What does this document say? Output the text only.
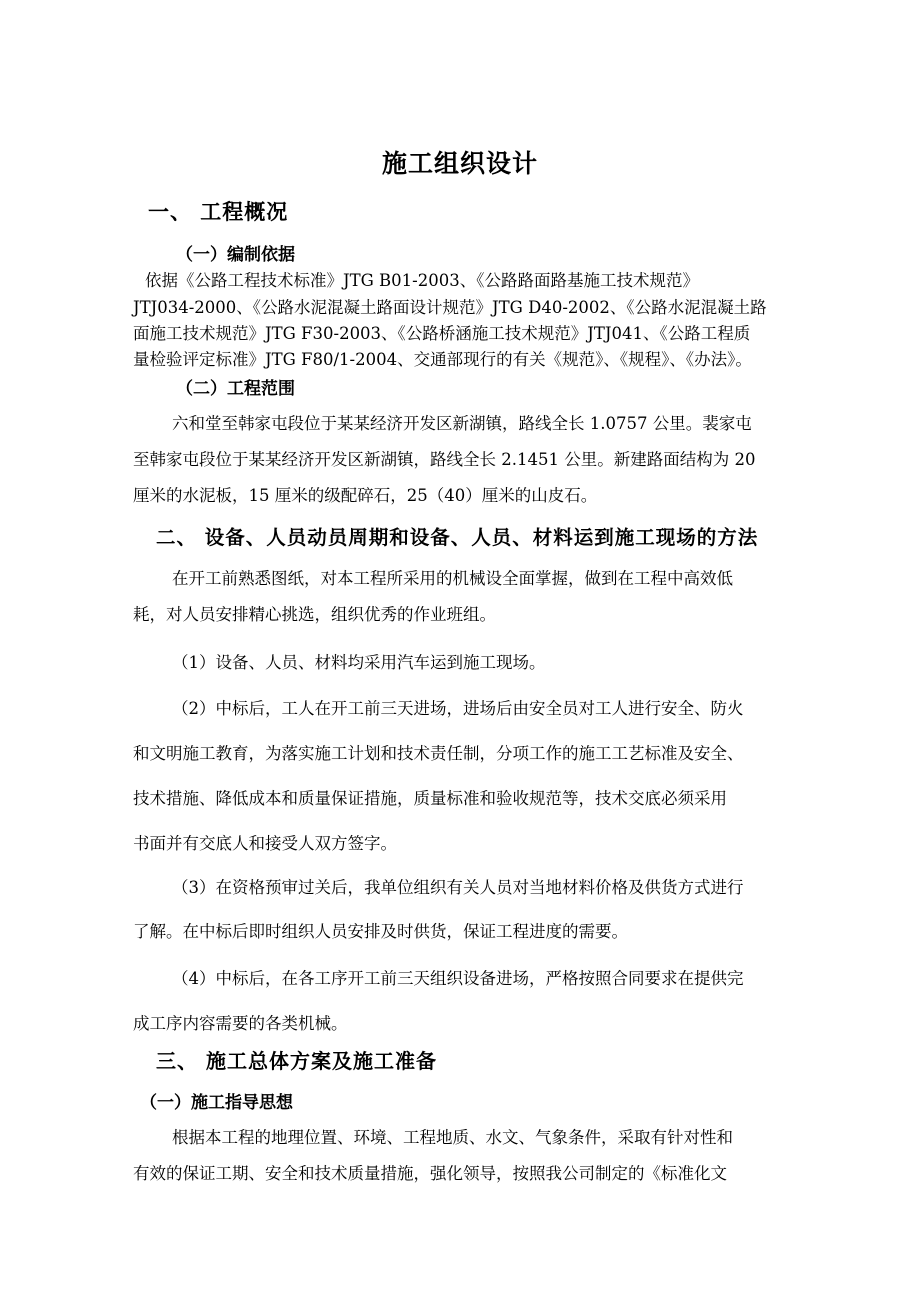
施工组织设计
一、 工程概况
（一）编制依据
依据《公路工程技术标准》JTG B01-2003、《公路路面路基施工技术规范》
JTJ034-2000、《公路水泥混凝土路面设计规范》JTG D40-2002、《公路水泥混凝土路
面施工技术规范》JTG F30-2003、《公路桥涵施工技术规范》JTJ041、《公路工程质
量检验评定标准》JTG F80/1-2004、交通部现行的有关《规范》、《规程》、《办法》。
（二）工程范围
六和堂至韩家屯段位于某某经济开发区新湖镇，路线全长 1.0757 公里。裴家屯
至韩家屯段位于某某经济开发区新湖镇，路线全长 2.1451 公里。新建路面结构为 20
厘米的水泥板，15 厘米的级配碎石，25（40）厘米的山皮石。
二、 设备、人员动员周期和设备、人员、材料运到施工现场的方法
在开工前熟悉图纸，对本工程所采用的机械设全面掌握，做到在工程中高效低
耗，对人员安排精心挑选，组织优秀的作业班组。
（1）设备、人员、材料均采用汽车运到施工现场。
（2）中标后，工人在开工前三天进场，进场后由安全员对工人进行安全、防火
和文明施工教育，为落实施工计划和技术责任制，分项工作的施工工艺标准及安全、
技术措施、降低成本和质量保证措施，质量标准和验收规范等，技术交底必须采用
书面并有交底人和接受人双方签字。
（3）在资格预审过关后，我单位组织有关人员对当地材料价格及供货方式进行
了解。在中标后即时组织人员安排及时供货，保证工程进度的需要。
（4）中标后，在各工序开工前三天组织设备进场，严格按照合同要求在提供完
成工序内容需要的各类机械。
三、 施工总体方案及施工准备
（一）施工指导思想
根据本工程的地理位置、环境、工程地质、水文、气象条件，采取有针对性和
有效的保证工期、安全和技术质量措施，强化领导，按照我公司制定的《标准化文
